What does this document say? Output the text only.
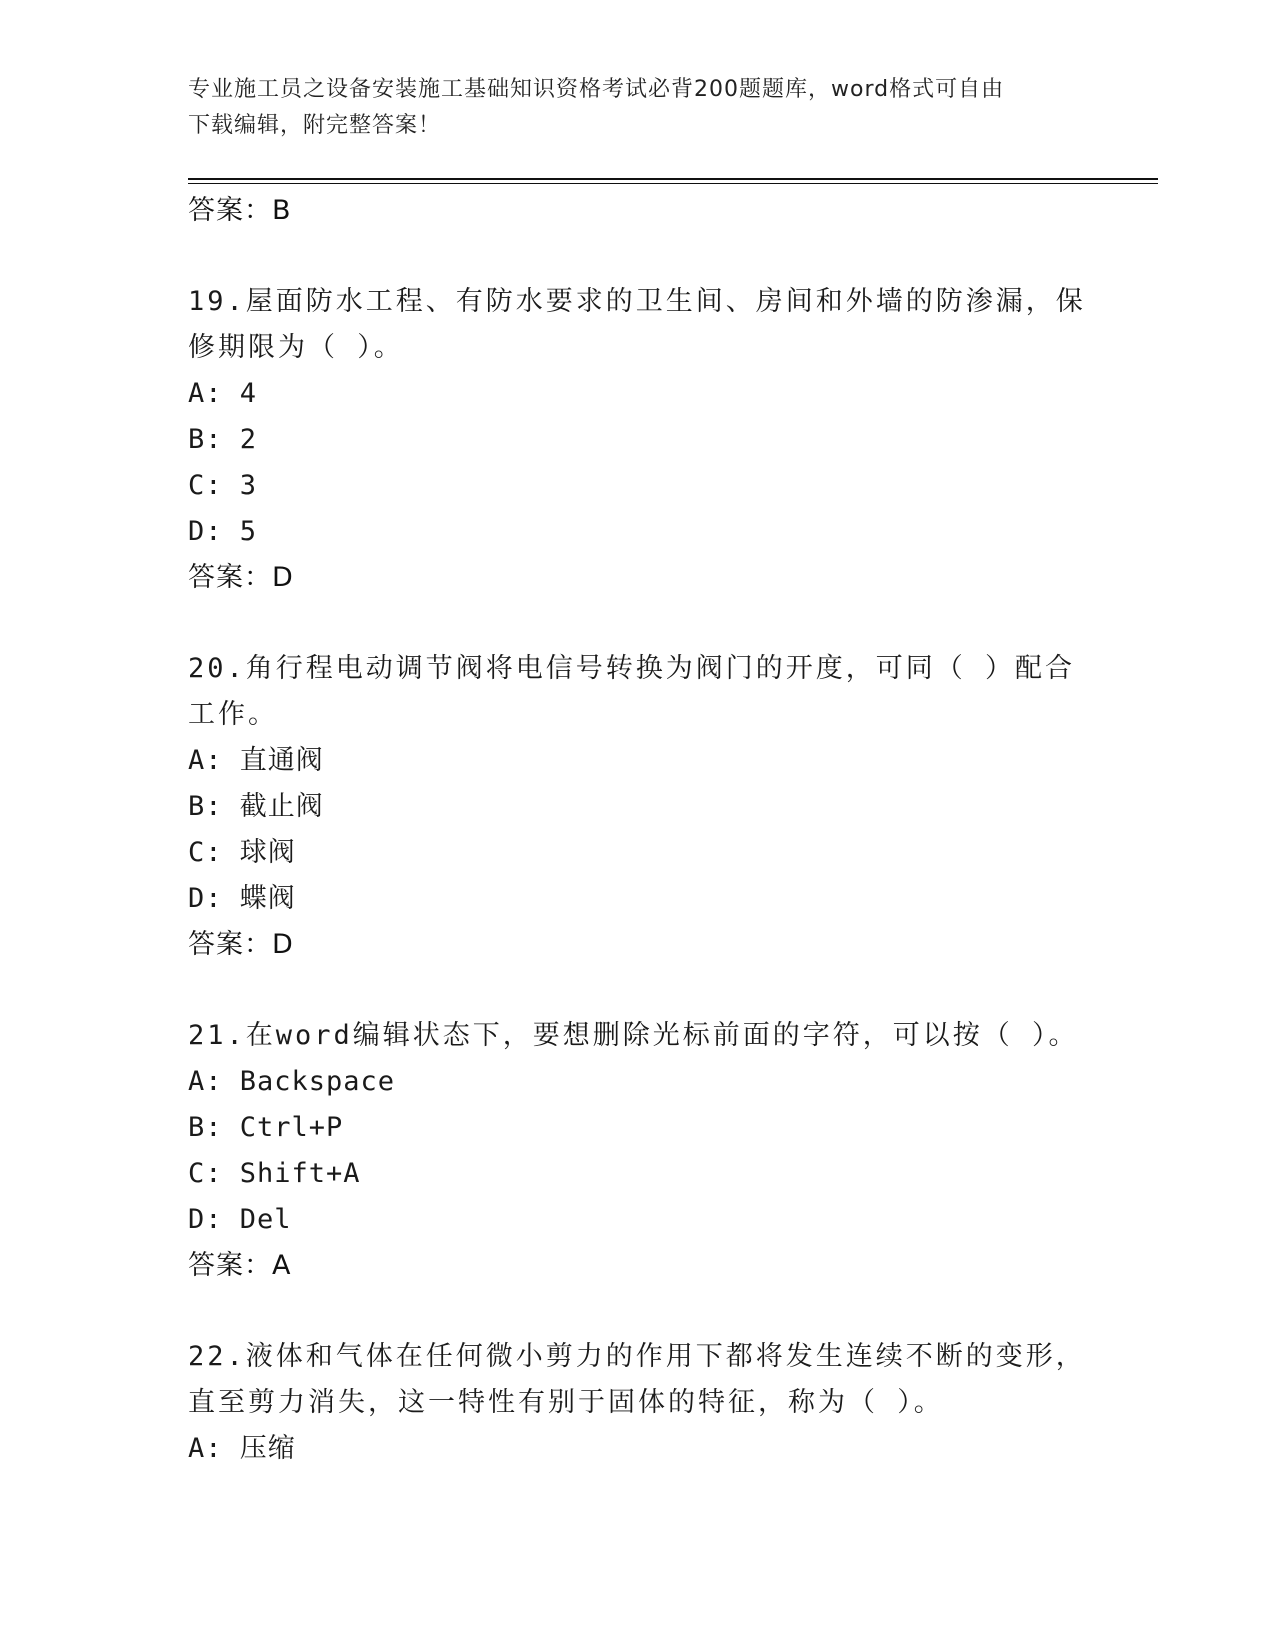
专业施工员之设备安装施工基础知识资格考试必背200题题库，word格式可自由
下载编辑，附完整答案！
答案：B
19.屋面防水工程、有防水要求的卫生间、房间和外墙的防渗漏，保修期限为（ ）。
A: 4
B: 2
C: 3
D: 5
答案：D
20.角行程电动调节阀将电信号转换为阀门的开度，可同（ ）配合工作。
A: 直通阀
B: 截止阀
C: 球阀
D: 蝶阀
答案：D
21.在word编辑状态下，要想删除光标前面的字符，可以按（ ）。
A: Backspace
B: Ctrl+P
C: Shift+A
D: Del
答案：A
22.液体和气体在任何微小剪力的作用下都将发生连续不断的变形，直至剪力消失，这一特性有别于固体的特征，称为（ ）。
A: 压缩
